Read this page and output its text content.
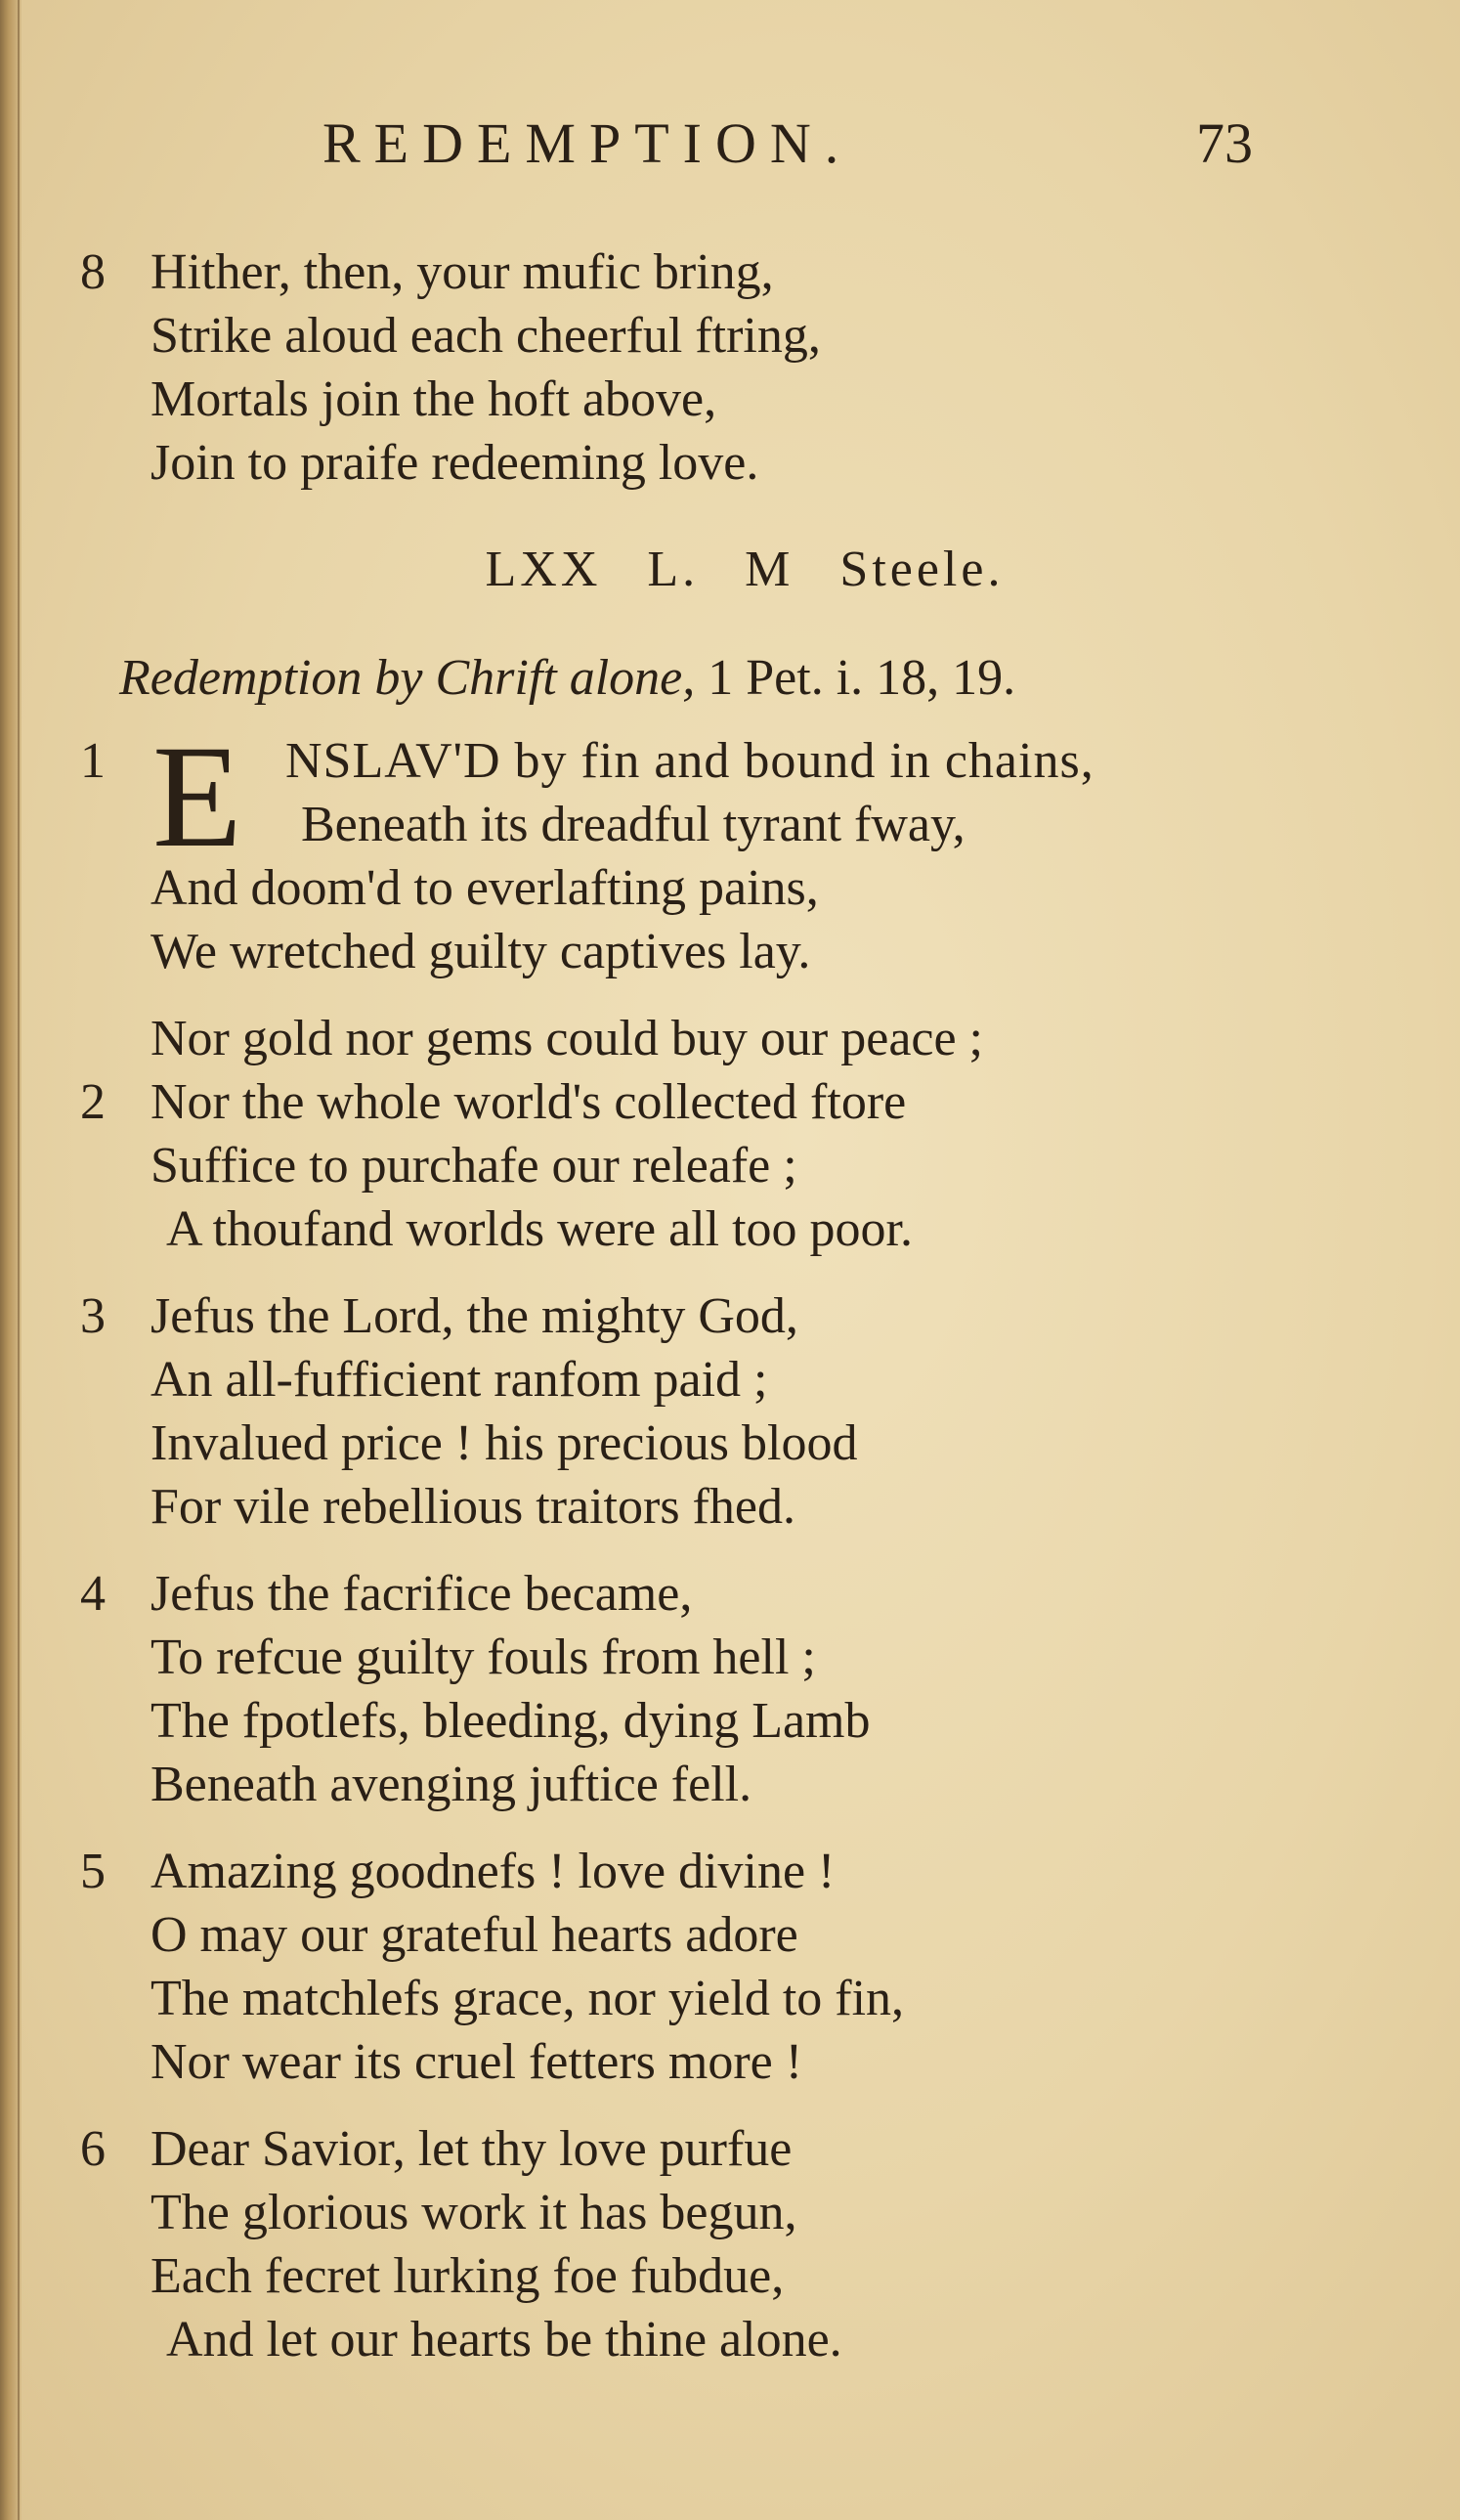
REDEMPTION.	73
8 Hither, then, your mufic bring,
Strike aloud each cheerful ftring,
Mortals join the hoft above,
Join to praife redeeming love.
LXX L. M Steele.
Redemption by Chrift alone, 1 Pet. i. 18, 19.
1 E NSLAV'D by fin and bound in chains,
Beneath its dreadful tyrant fway,
And doom'd to everlafting pains,
We wretched guilty captives lay.
Nor gold nor gems could buy our peace ;
2 Nor the whole world's collected ftore
Suffice to purchafe our releafe ;
A thoufand worlds were all too poor.
3 Jefus the Lord, the mighty God,
An all-fufficient ranfom paid ;
Invalued price ! his precious blood
For vile rebellious traitors fhed.
4 Jefus the facrifice became,
To refcue guilty fouls from hell ;
The fpotlefs, bleeding, dying Lamb
Beneath avenging juftice fell.
5 Amazing goodnefs ! love divine !
O may our grateful hearts adore
The matchlefs grace, nor yield to fin,
Nor wear its cruel fetters more !
6 Dear Savior, let thy love purfue
The glorious work it has begun,
Each fecret lurking foe fubdue,
And let our hearts be thine alone.
